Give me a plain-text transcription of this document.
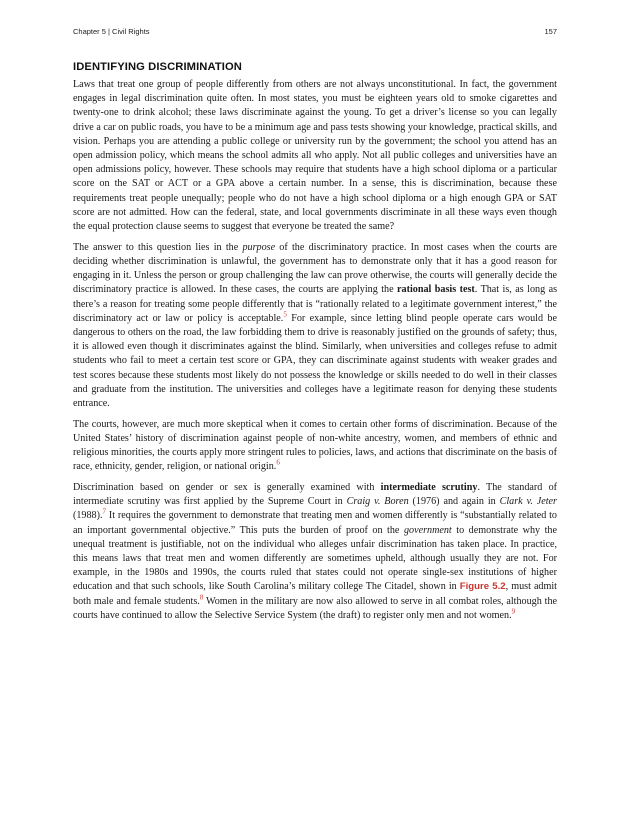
Chapter 5 | Civil Rights	157
IDENTIFYING DISCRIMINATION

Laws that treat one group of people differently from others are not always unconstitutional. In fact, the government engages in legal discrimination quite often. In most states, you must be eighteen years old to smoke cigarettes and twenty-one to drink alcohol; these laws discriminate against the young. To get a driver’s license so you can legally drive a car on public roads, you have to be a minimum age and pass tests showing your knowledge, practical skills, and vision. Perhaps you are attending a public college or university run by the government; the school you attend has an open admission policy, which means the school admits all who apply. Not all public colleges and universities have an open admissions policy, however. These schools may require that students have a high school diploma or a particular score on the SAT or ACT or a GPA above a certain number. In a sense, this is discrimination, because these requirements treat people unequally; people who do not have a high school diploma or a high enough GPA or SAT score are not admitted. How can the federal, state, and local governments discriminate in all these ways even though the equal protection clause seems to suggest that everyone be treated the same?

The answer to this question lies in the purpose of the discriminatory practice. In most cases when the courts are deciding whether discrimination is unlawful, the government has to demonstrate only that it has a good reason for engaging in it. Unless the person or group challenging the law can prove otherwise, the courts will generally decide the discriminatory practice is allowed. In these cases, the courts are applying the rational basis test. That is, as long as there’s a reason for treating some people differently that is “rationally related to a legitimate government interest,” the discriminatory act or law or policy is acceptable.$^5$ For example, since letting blind people operate cars would be dangerous to others on the road, the law forbidding them to drive is reasonably justified on the grounds of safety; thus, it is allowed even though it discriminates against the blind. Similarly, when universities and colleges refuse to admit students who fail to meet a certain test score or GPA, they can discriminate against students with weaker grades and test scores because these students most likely do not possess the knowledge or skills needed to do well in their classes and graduate from the institution. The universities and colleges have a legitimate reason for denying these students entrance.

The courts, however, are much more skeptical when it comes to certain other forms of discrimination. Because of the United States’ history of discrimination against people of non-white ancestry, women, and members of ethnic and religious minorities, the courts apply more stringent rules to policies, laws, and actions that discriminate on the basis of race, ethnicity, gender, religion, or national origin.$^6$

Discrimination based on gender or sex is generally examined with intermediate scrutiny. The standard of intermediate scrutiny was first applied by the Supreme Court in Craig v. Boren (1976) and again in Clark v. Jeter (1988).$^7$ It requires the government to demonstrate that treating men and women differently is “substantially related to an important governmental objective.” This puts the burden of proof on the government to demonstrate why the unequal treatment is justifiable, not on the individual who alleges unfair discrimination has taken place. In practice, this means laws that treat men and women differently are sometimes upheld, although usually they are not. For example, in the 1980s and 1990s, the courts ruled that states could not operate single-sex institutions of higher education and that such schools, like South Carolina’s military college The Citadel, shown in Figure 5.2, must admit both male and female students.$^8$ Women in the military are now also allowed to serve in all combat roles, although the courts have continued to allow the Selective Service System (the draft) to register only men and not women.$^9$
